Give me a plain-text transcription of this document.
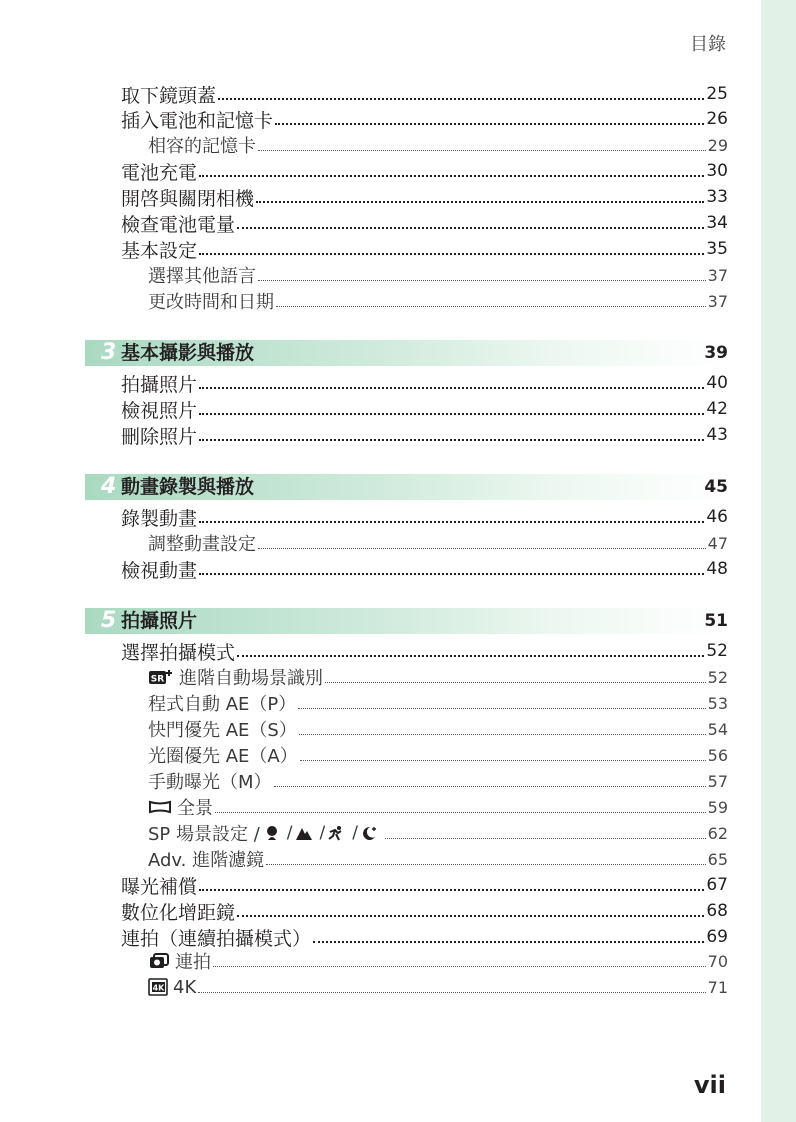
目錄
取下鏡頭蓋	25
插入電池和記憶卡	26
相容的記憶卡	29
電池充電	30
開啓與關閉相機	33
檢查電池電量	34
基本設定	35
選擇其他語言	37
更改時間和日期	37
3 基本攝影與播放	39
拍攝照片	40
檢視照片	42
刪除照片	43
4 動畫錄製與播放	45
錄製動畫	46
調整動畫設定	47
檢視動畫	48
5 拍攝照片	51
選擇拍攝模式	52
SR 進階自動場景識別	52
程式自動 AE（P）	53
快門優先 AE（S）	54
光圈優先 AE（A）	56
手動曝光（M）	57
全景	59
SP 場景設定 / / / /	62
Adv. 進階濾鏡	65
曝光補償	67
數位化增距鏡	68
連拍（連續拍攝模式）	69
連拍	70
4K 4K	71
vii
